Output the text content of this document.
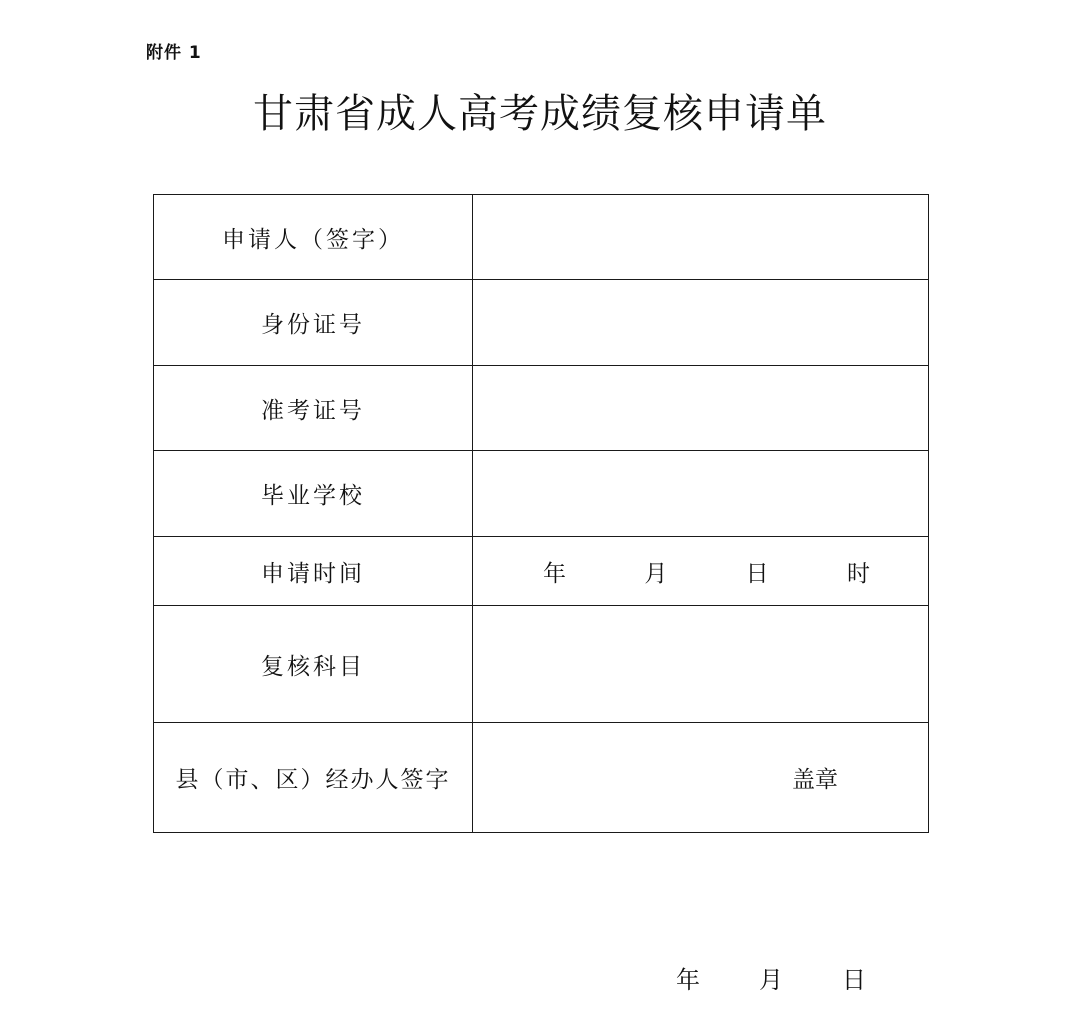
附件 1
甘肃省成人高考成绩复核申请单
申请人（签字）	
身份证号	
准考证号	
毕业学校	
申请时间	年 月 日 时

复核科目	
县（市、区）经办人签字	盖章
年 月 日
